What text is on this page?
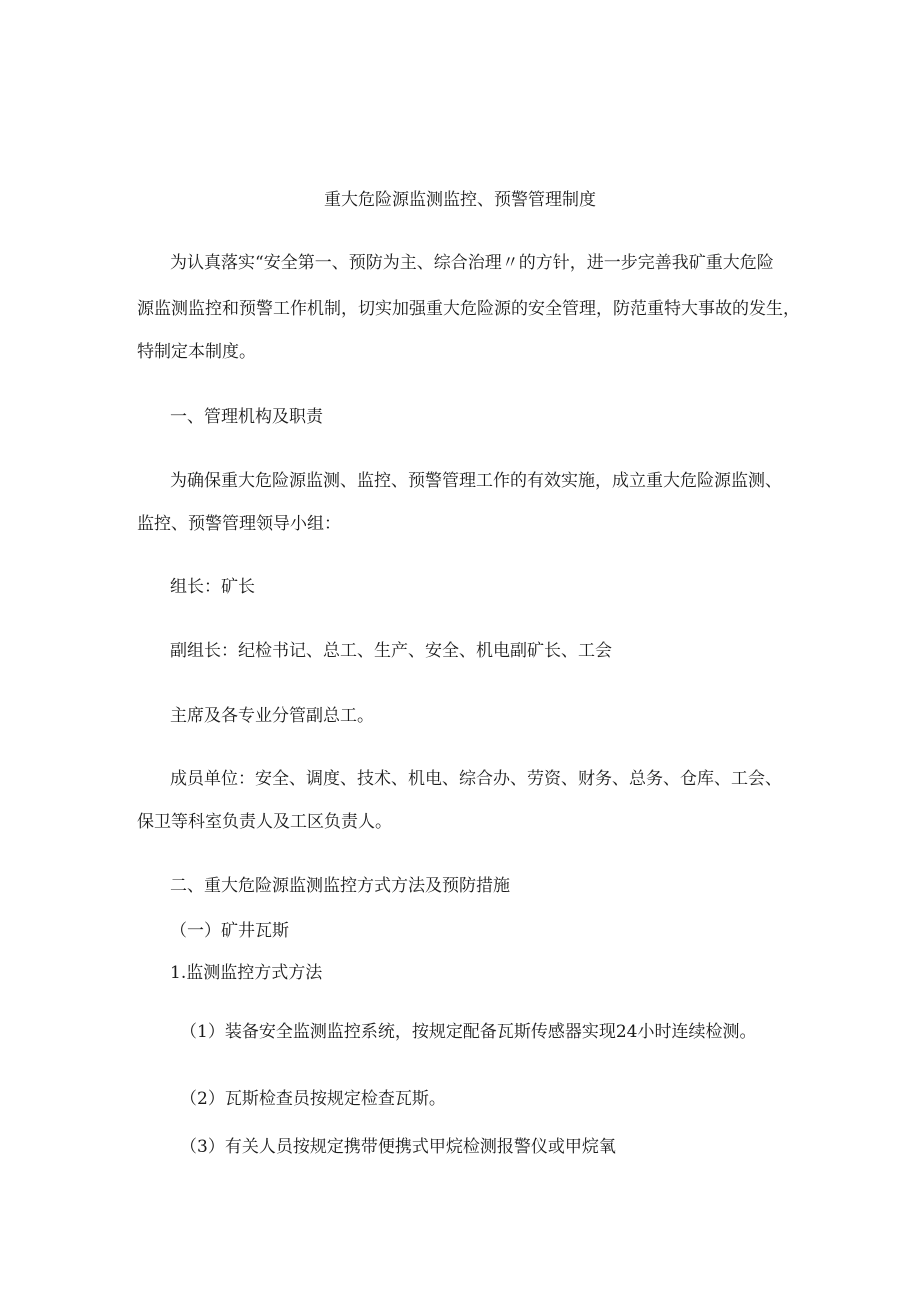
重大危险源监测监控、预警管理制度
为认真落实“安全第一、预防为主、综合治理〃的方针，进一步完善我矿重大危险
源监测监控和预警工作机制，切实加强重大危险源的安全管理，防范重特大事故的发生，
特制定本制度。
一、管理机构及职责
为确保重大危险源监测、监控、预警管理工作的有效实施，成立重大危险源监测、
监控、预警管理领导小组：
组长：矿长
副组长：纪检书记、总工、生产、安全、机电副矿长、工会
主席及各专业分管副总工。
成员单位：安全、调度、技术、机电、综合办、劳资、财务、总务、仓库、工会、
保卫等科室负责人及工区负责人。
二、重大危险源监测监控方式方法及预防措施
（一）矿井瓦斯
1.监测监控方式方法
（1）装备安全监测监控系统，按规定配备瓦斯传感器实现24小时连续检测。
（2）瓦斯检查员按规定检查瓦斯。
（3）有关人员按规定携带便携式甲烷检测报警仪或甲烷氧
